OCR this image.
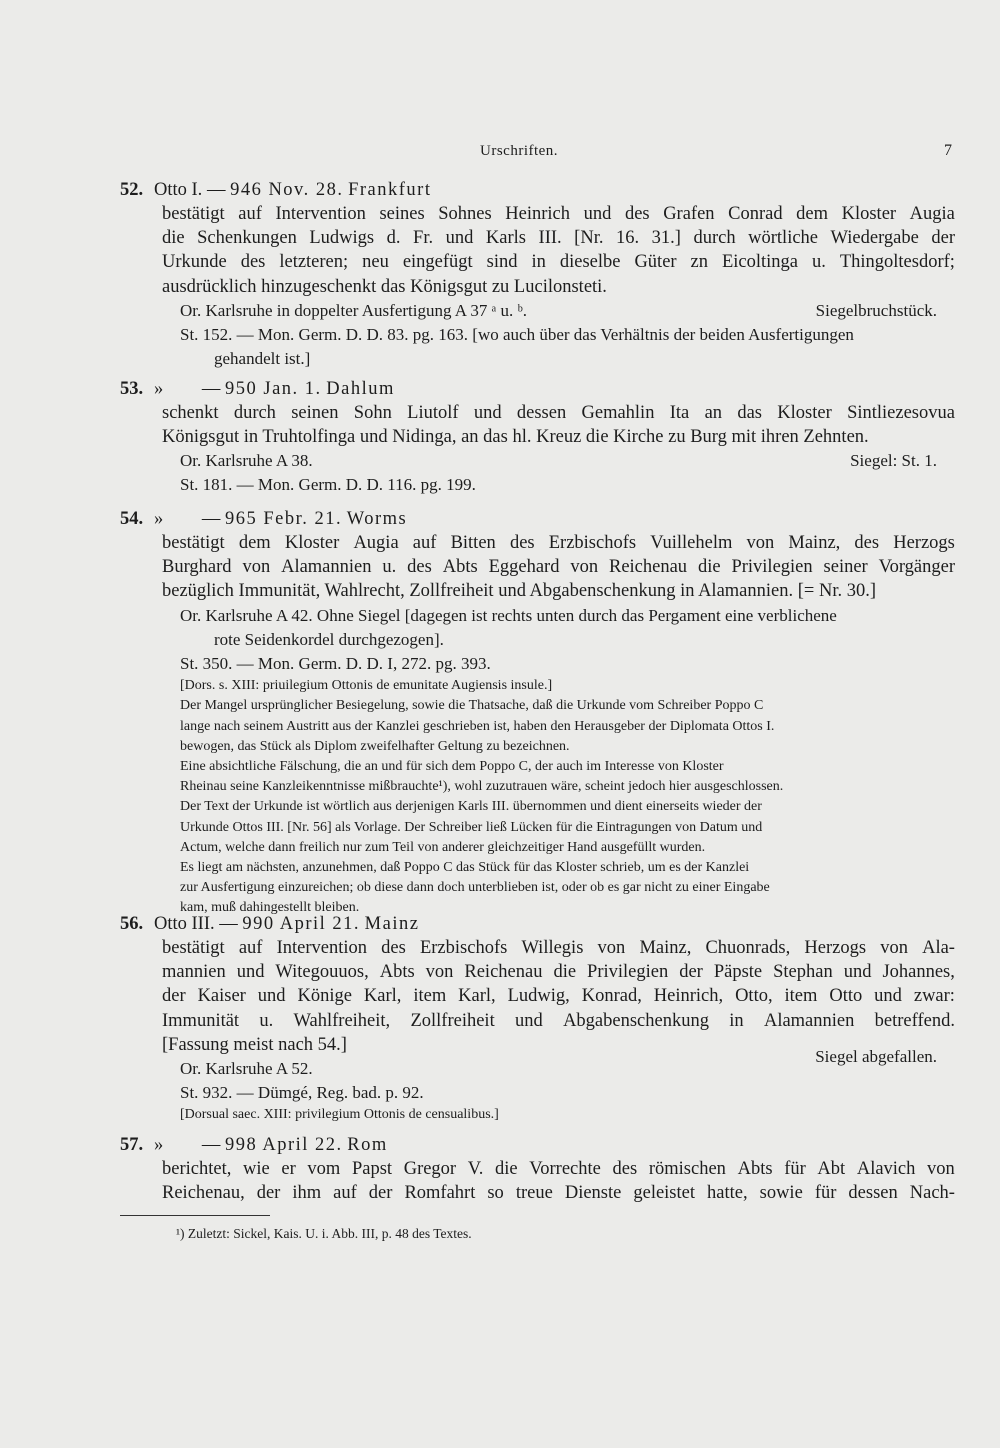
Urschriften.	7
52. Otto I. — 946 Nov. 28. Frankfurt
bestätigt auf Intervention seines Sohnes Heinrich und des Grafen Conrad dem Kloster Augia
die Schenkungen Ludwigs d. Fr. und Karls III. [Nr. 16. 31.] durch wörtliche Wiedergabe der
Urkunde des letzteren; neu eingefügt sind in dieselbe Güter zn Eicoltinga u. Thingoltesdorf;
ausdrücklich hinzugeschenkt das Königsgut zu Lucilonsteti.
Or. Karlsruhe in doppelter Ausfertigung A 37 ᵃ u. ᵇ.	Siegelbruchstück.
St. 152. — Mon. Germ. D. D. 83. pg. 163. [wo auch über das Verhältnis der beiden Ausfertigungen
gehandelt ist.]
53. » — 950 Jan. 1. Dahlum
schenkt durch seinen Sohn Liutolf und dessen Gemahlin Ita an das Kloster Sintliezesovua
Königsgut in Truhtolfinga und Nidinga, an das hl. Kreuz die Kirche zu Burg mit ihren Zehnten.
Or. Karlsruhe A 38.	Siegel: St. 1.
St. 181. — Mon. Germ. D. D. 116. pg. 199.
54. » — 965 Febr. 21. Worms
bestätigt dem Kloster Augia auf Bitten des Erzbischofs Vuillehelm von Mainz, des Herzogs
Burghard von Alamannien u. des Abts Eggehard von Reichenau die Privilegien seiner Vorgänger
bezüglich Immunität, Wahlrecht, Zollfreiheit und Abgabenschenkung in Alamannien. [= Nr. 30.]
Or. Karlsruhe A 42. Ohne Siegel [dagegen ist rechts unten durch das Pergament eine verblichene
rote Seidenkordel durchgezogen].
St. 350. — Mon. Germ. D. D. I, 272. pg. 393.
[Dors. s. XIII: priuilegium Ottonis de emunitate Augiensis insule.]
Der Mangel ursprünglicher Besiegelung, sowie die Thatsache, daß die Urkunde vom Schreiber Poppo C
lange nach seinem Austritt aus der Kanzlei geschrieben ist, haben den Herausgeber der Diplomata Ottos I.
bewogen, das Stück als Diplom zweifelhafter Geltung zu bezeichnen.
Eine absichtliche Fälschung, die an und für sich dem Poppo C, der auch im Interesse von Kloster
Rheinau seine Kanzleikenntnisse mißbrauchte¹), wohl zuzutrauen wäre, scheint jedoch hier ausgeschlossen.
Der Text der Urkunde ist wörtlich aus derjenigen Karls III. übernommen und dient einerseits wieder der
Urkunde Ottos III. [Nr. 56] als Vorlage. Der Schreiber ließ Lücken für die Eintragungen von Datum und
Actum, welche dann freilich nur zum Teil von anderer gleichzeitiger Hand ausgefüllt wurden.
Es liegt am nächsten, anzunehmen, daß Poppo C das Stück für das Kloster schrieb, um es der Kanzlei
zur Ausfertigung einzureichen; ob diese dann doch unterblieben ist, oder ob es gar nicht zu einer Eingabe
kam, muß dahingestellt bleiben.
56. Otto III. — 990 April 21. Mainz
bestätigt auf Intervention des Erzbischofs Willegis von Mainz, Chuonrads, Herzogs von Ala-
mannien und Witegouuos, Abts von Reichenau die Privilegien der Päpste Stephan und Johannes,
der Kaiser und Könige Karl, item Karl, Ludwig, Konrad, Heinrich, Otto, item Otto und zwar:
Immunität u. Wahlfreiheit, Zollfreiheit und Abgabenschenkung in Alamannien betreffend.
[Fassung meist nach 54.]
Or. Karlsruhe A 52.
Siegel abgefallen.
St. 932. — Dümgé, Reg. bad. p. 92.
[Dorsual saec. XIII: privilegium Ottonis de censualibus.]
57. » — 998 April 22. Rom
berichtet, wie er vom Papst Gregor V. die Vorrechte des römischen Abts für Abt Alavich von
Reichenau, der ihm auf der Romfahrt so treue Dienste geleistet hatte, sowie für dessen Nach-
¹) Zuletzt: Sickel, Kais. U. i. Abb. III, p. 48 des Textes.
